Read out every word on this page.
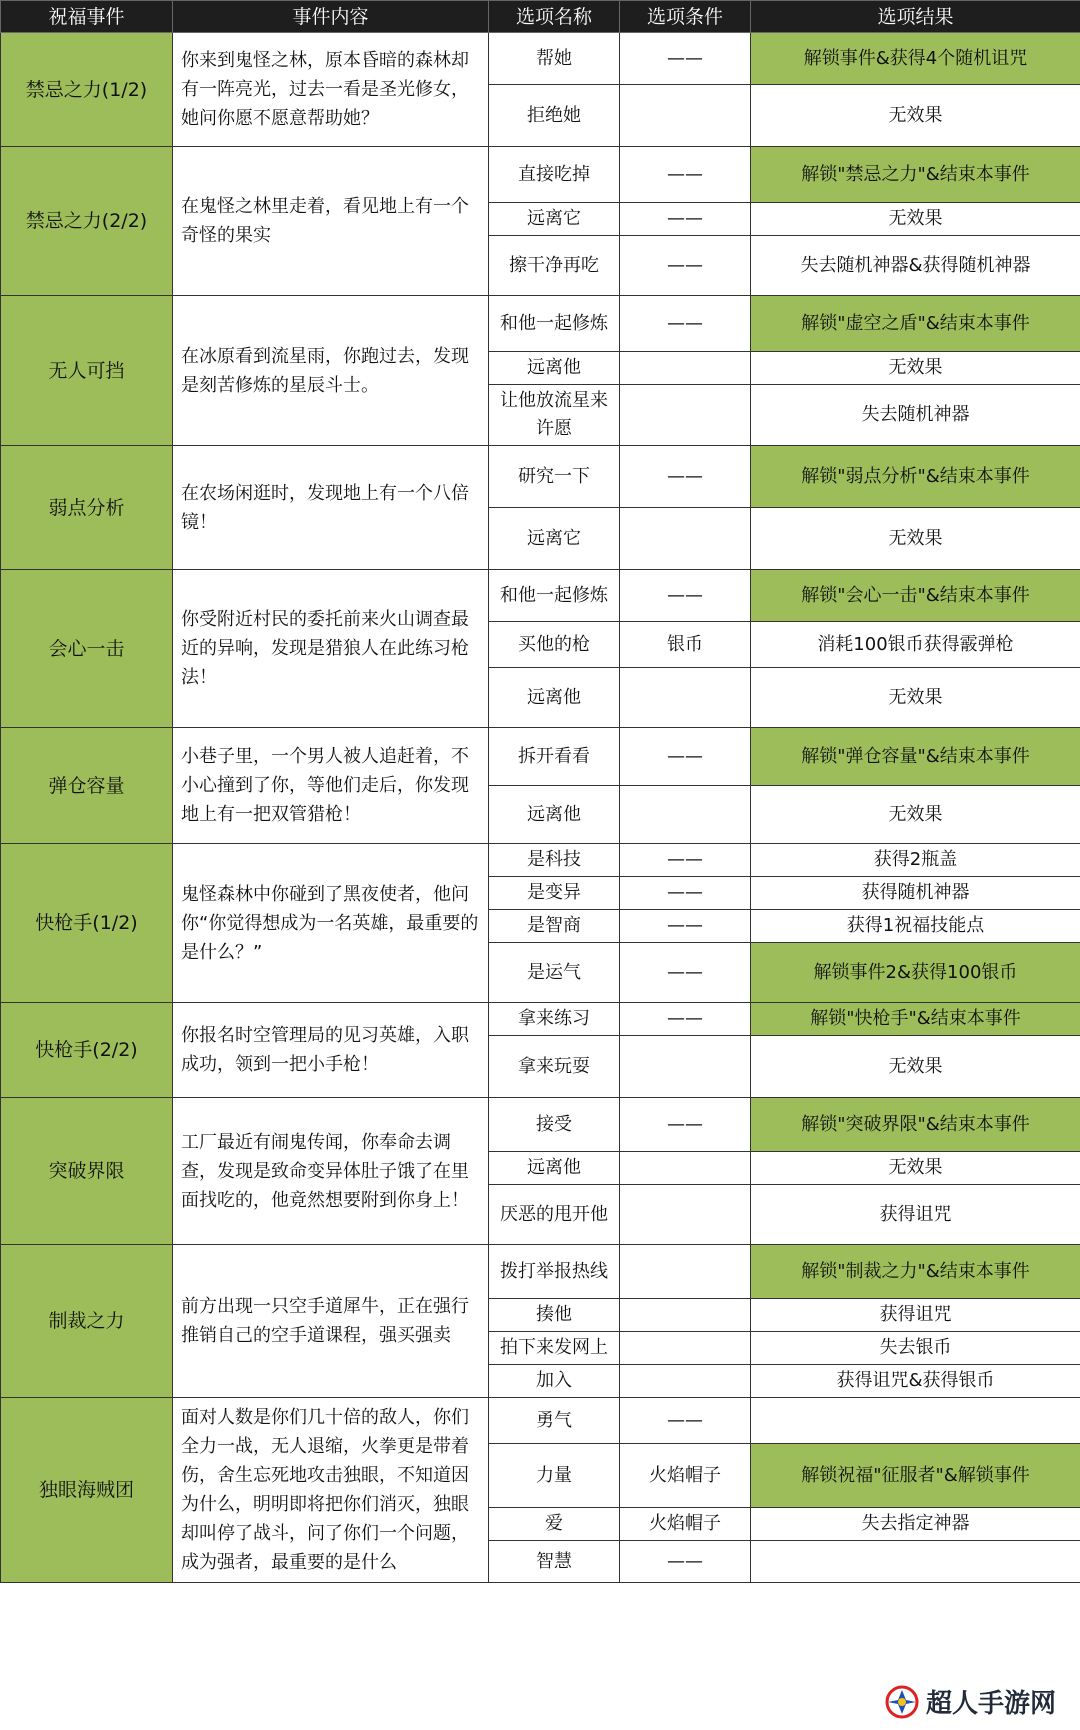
祝福事件	事件内容	选项名称	选项条件	选项结果
禁忌之力(1/2)	你来到鬼怪之林，原本昏暗的森林却有一阵亮光，过去一看是圣光修女，她问你愿不愿意帮助她？	帮她	——	解锁事件&获得4个随机诅咒
		拒绝她		无效果
禁忌之力(2/2)	在鬼怪之林里走着，看见地上有一个奇怪的果实	直接吃掉	——	解锁"禁忌之力"&结束本事件
		远离它	——	无效果
		擦干净再吃	——	失去随机神器&获得随机神器
无人可挡	在冰原看到流星雨，你跑过去，发现是刻苦修炼的星辰斗士。	和他一起修炼	——	解锁"虚空之盾"&结束本事件
		远离他		无效果
		让他放流星来许愿		失去随机神器
弱点分析	在农场闲逛时，发现地上有一个八倍镜！	研究一下	——	解锁"弱点分析"&结束本事件
		远离它		无效果
会心一击	你受附近村民的委托前来火山调查最近的异响，发现是猎狼人在此练习枪法！	和他一起修炼	——	解锁"会心一击"&结束本事件
		买他的枪	银币	消耗100银币获得霰弹枪
		远离他		无效果
弹仓容量	小巷子里，一个男人被人追赶着，不小心撞到了你，等他们走后，你发现地上有一把双管猎枪！	拆开看看	——	解锁"弹仓容量"&结束本事件
		远离他		无效果
快枪手(1/2)	鬼怪森林中你碰到了黑夜使者，他问你“你觉得想成为一名英雄，最重要的是什么？”	是科技	——	获得2瓶盖
		是变异	——	获得随机神器
		是智商	——	获得1祝福技能点
		是运气	——	解锁事件2&获得100银币
快枪手(2/2)	你报名时空管理局的见习英雄，入职成功，领到一把小手枪！	拿来练习	——	解锁"快枪手"&结束本事件
		拿来玩耍		无效果
突破界限	工厂最近有闹鬼传闻，你奉命去调查，发现是致命变异体肚子饿了在里面找吃的，他竟然想要附到你身上！	接受	——	解锁"突破界限"&结束本事件
		远离他		无效果
		厌恶的甩开他		获得诅咒
制裁之力	前方出现一只空手道犀牛，正在强行推销自己的空手道课程，强买强卖	拨打举报热线		解锁"制裁之力"&结束本事件
		揍他		获得诅咒
		拍下来发网上		失去银币
		加入		获得诅咒&获得银币
独眼海贼团	面对人数是你们几十倍的敌人，你们全力一战，无人退缩，火拳更是带着伤，舍生忘死地攻击独眼，不知道因为什么，明明即将把你们消灭，独眼却叫停了战斗，问了你们一个问题，成为强者，最重要的是什么	勇气	——	
		力量	火焰帽子	解锁祝福"征服者"&解锁事件
		爱	火焰帽子	失去指定神器
		智慧	——	
超人手游网
